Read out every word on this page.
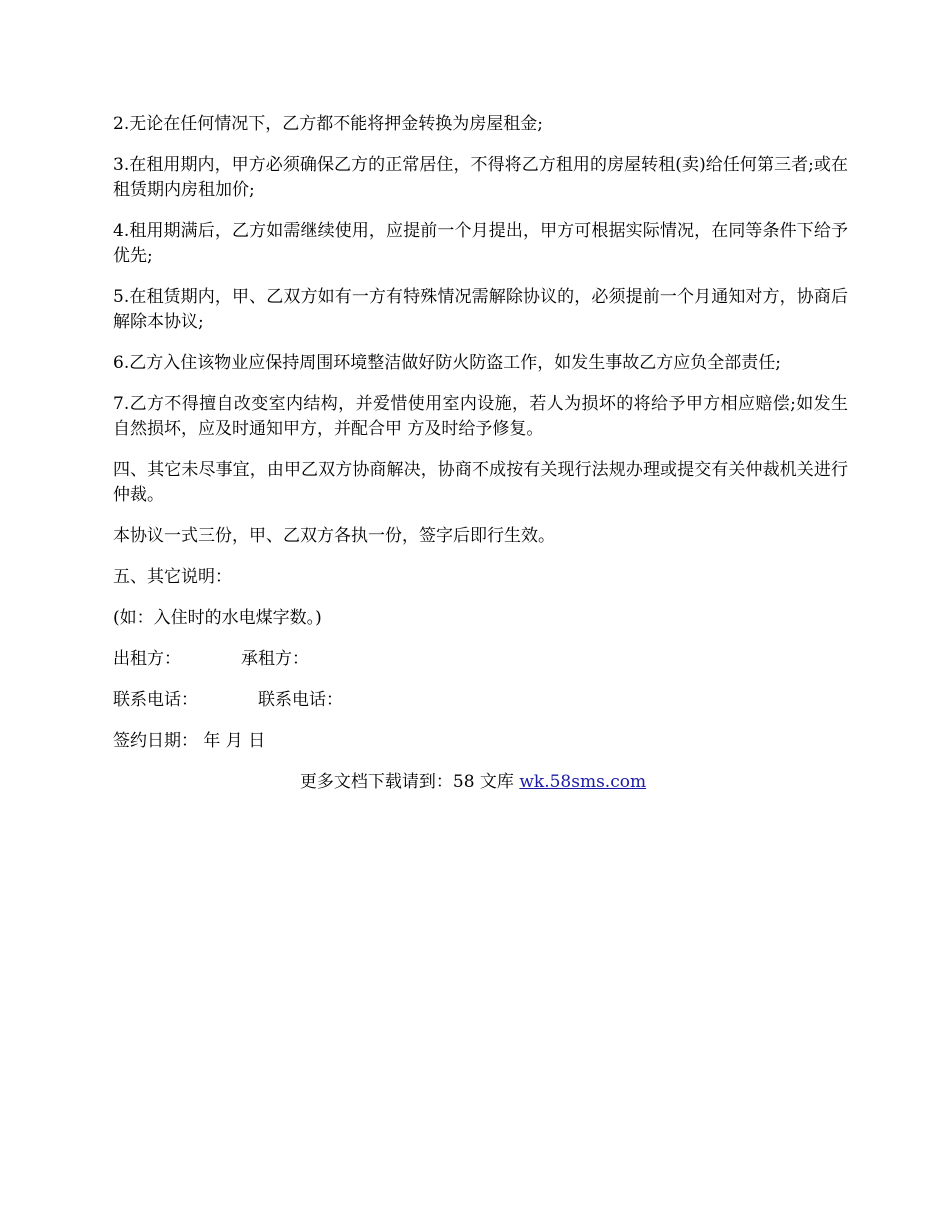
2.无论在任何情况下，乙方都不能将押金转换为房屋租金;

3.在租用期内，甲方必须确保乙方的正常居住，不得将乙方租用的房屋转租(卖)给任何第三者;或在租赁期内房租加价;

4.租用期满后，乙方如需继续使用，应提前一个月提出，甲方可根据实际情况，在同等条件下给予优先;

5.在租赁期内，甲、乙双方如有一方有特殊情况需解除协议的，必须提前一个月通知对方，协商后解除本协议;

6.乙方入住该物业应保持周围环境整洁做好防火防盗工作，如发生事故乙方应负全部责任;

7.乙方不得擅自改变室内结构，并爱惜使用室内设施，若人为损坏的将给予甲方相应赔偿;如发生自然损坏，应及时通知甲方，并配合甲 方及时给予修复。

四、其它未尽事宜，由甲乙双方协商解决，协商不成按有关现行法规办理或提交有关仲裁机关进行仲裁。

本协议一式三份，甲、乙双方各执一份，签字后即行生效。

五、其它说明：

(如：入住时的水电煤字数。)

出租方：	承租方：
联系电话：	联系电话：
签约日期： 年 月 日
更多文档下载请到：58 文库 wk.58sms.com
